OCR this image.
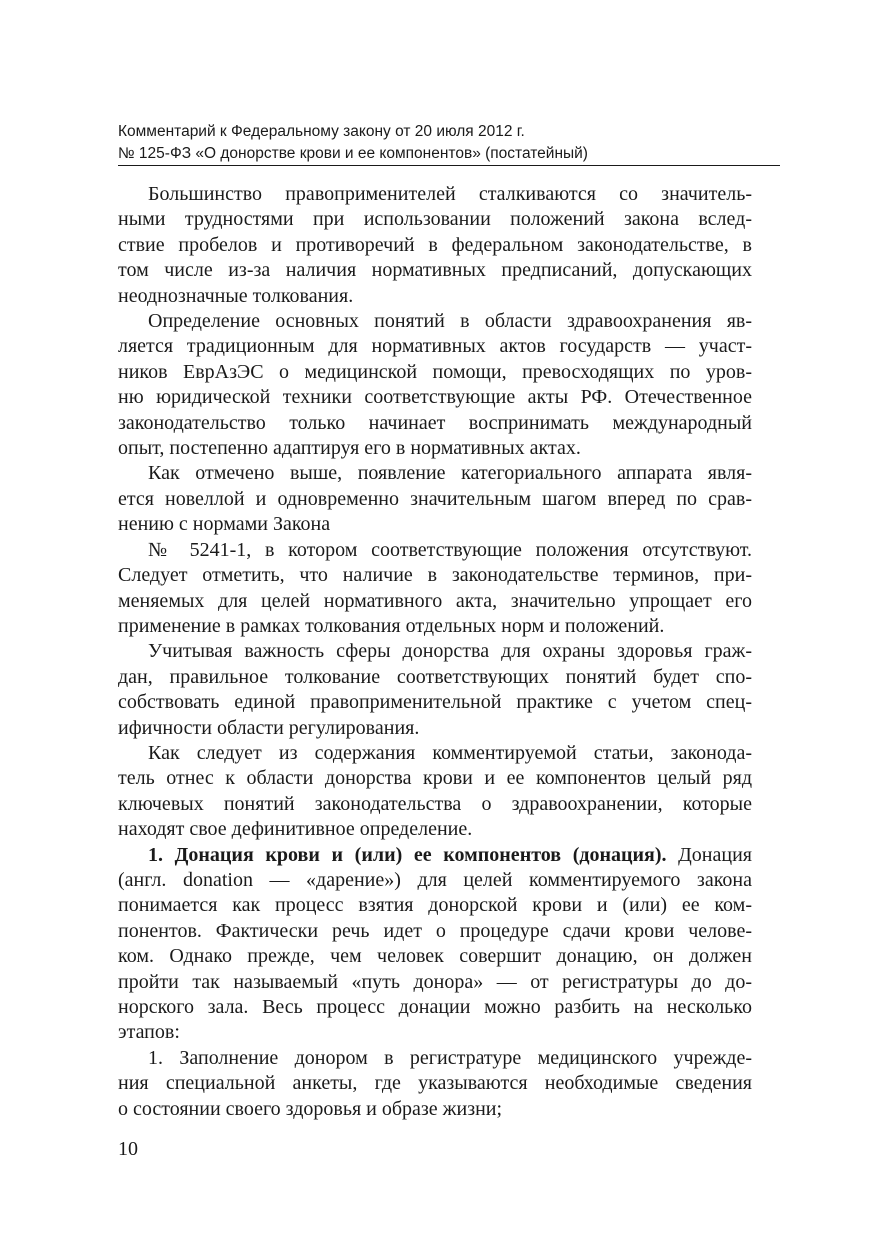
Комментарий к Федеральному закону от 20 июля 2012 г.
№ 125-ФЗ «О донорстве крови и ее компонентов» (постатейный)

Большинство правоприменителей сталкиваются со значитель-
ными трудностями при использовании положений закона вслед-
ствие пробелов и противоречий в федеральном законодательстве, в
том числе из-за наличия нормативных предписаний, допускающих
неоднозначные толкования.

Определение основных понятий в области здравоохранения яв-
ляется традиционным для нормативных актов государств — участ-
ников ЕврАзЭС о медицинской помощи, превосходящих по уров-
ню юридической техники соответствующие акты РФ. Отечественное
законодательство только начинает воспринимать международный
опыт, постепенно адаптируя его в нормативных актах.

Как отмечено выше, появление категориального аппарата явля-
ется новеллой и одновременно значительным шагом вперед по срав-
нению с нормами Закона

№ 5241-1, в котором соответствующие положения отсутствуют.
Следует отметить, что наличие в законодательстве терминов, при-
меняемых для целей нормативного акта, значительно упрощает его
применение в рамках толкования отдельных норм и положений.

Учитывая важность сферы донорства для охраны здоровья граж-
дан, правильное толкование соответствующих понятий будет спо-
собствовать единой правоприменительной практике с учетом спец-
ифичности области регулирования.

Как следует из содержания комментируемой статьи, законода-
тель отнес к области донорства крови и ее компонентов целый ряд
ключевых понятий законодательства о здравоохранении, которые
находят свое дефинитивное определение.

1. Донация крови и (или) ее компонентов (донация). Донация
(англ. donation — «дарение») для целей комментируемого закона
понимается как процесс взятия донорской крови и (или) ее ком-
понентов. Фактически речь идет о процедуре сдачи крови челове-
ком. Однако прежде, чем человек совершит донацию, он должен
пройти так называемый «путь донора» — от регистратуры до до-
норского зала. Весь процесс донации можно разбить на несколько
этапов:

1. Заполнение донором в регистратуре медицинского учрежде-
ния специальной анкеты, где указываются необходимые сведения
о состоянии своего здоровья и образе жизни;

10
